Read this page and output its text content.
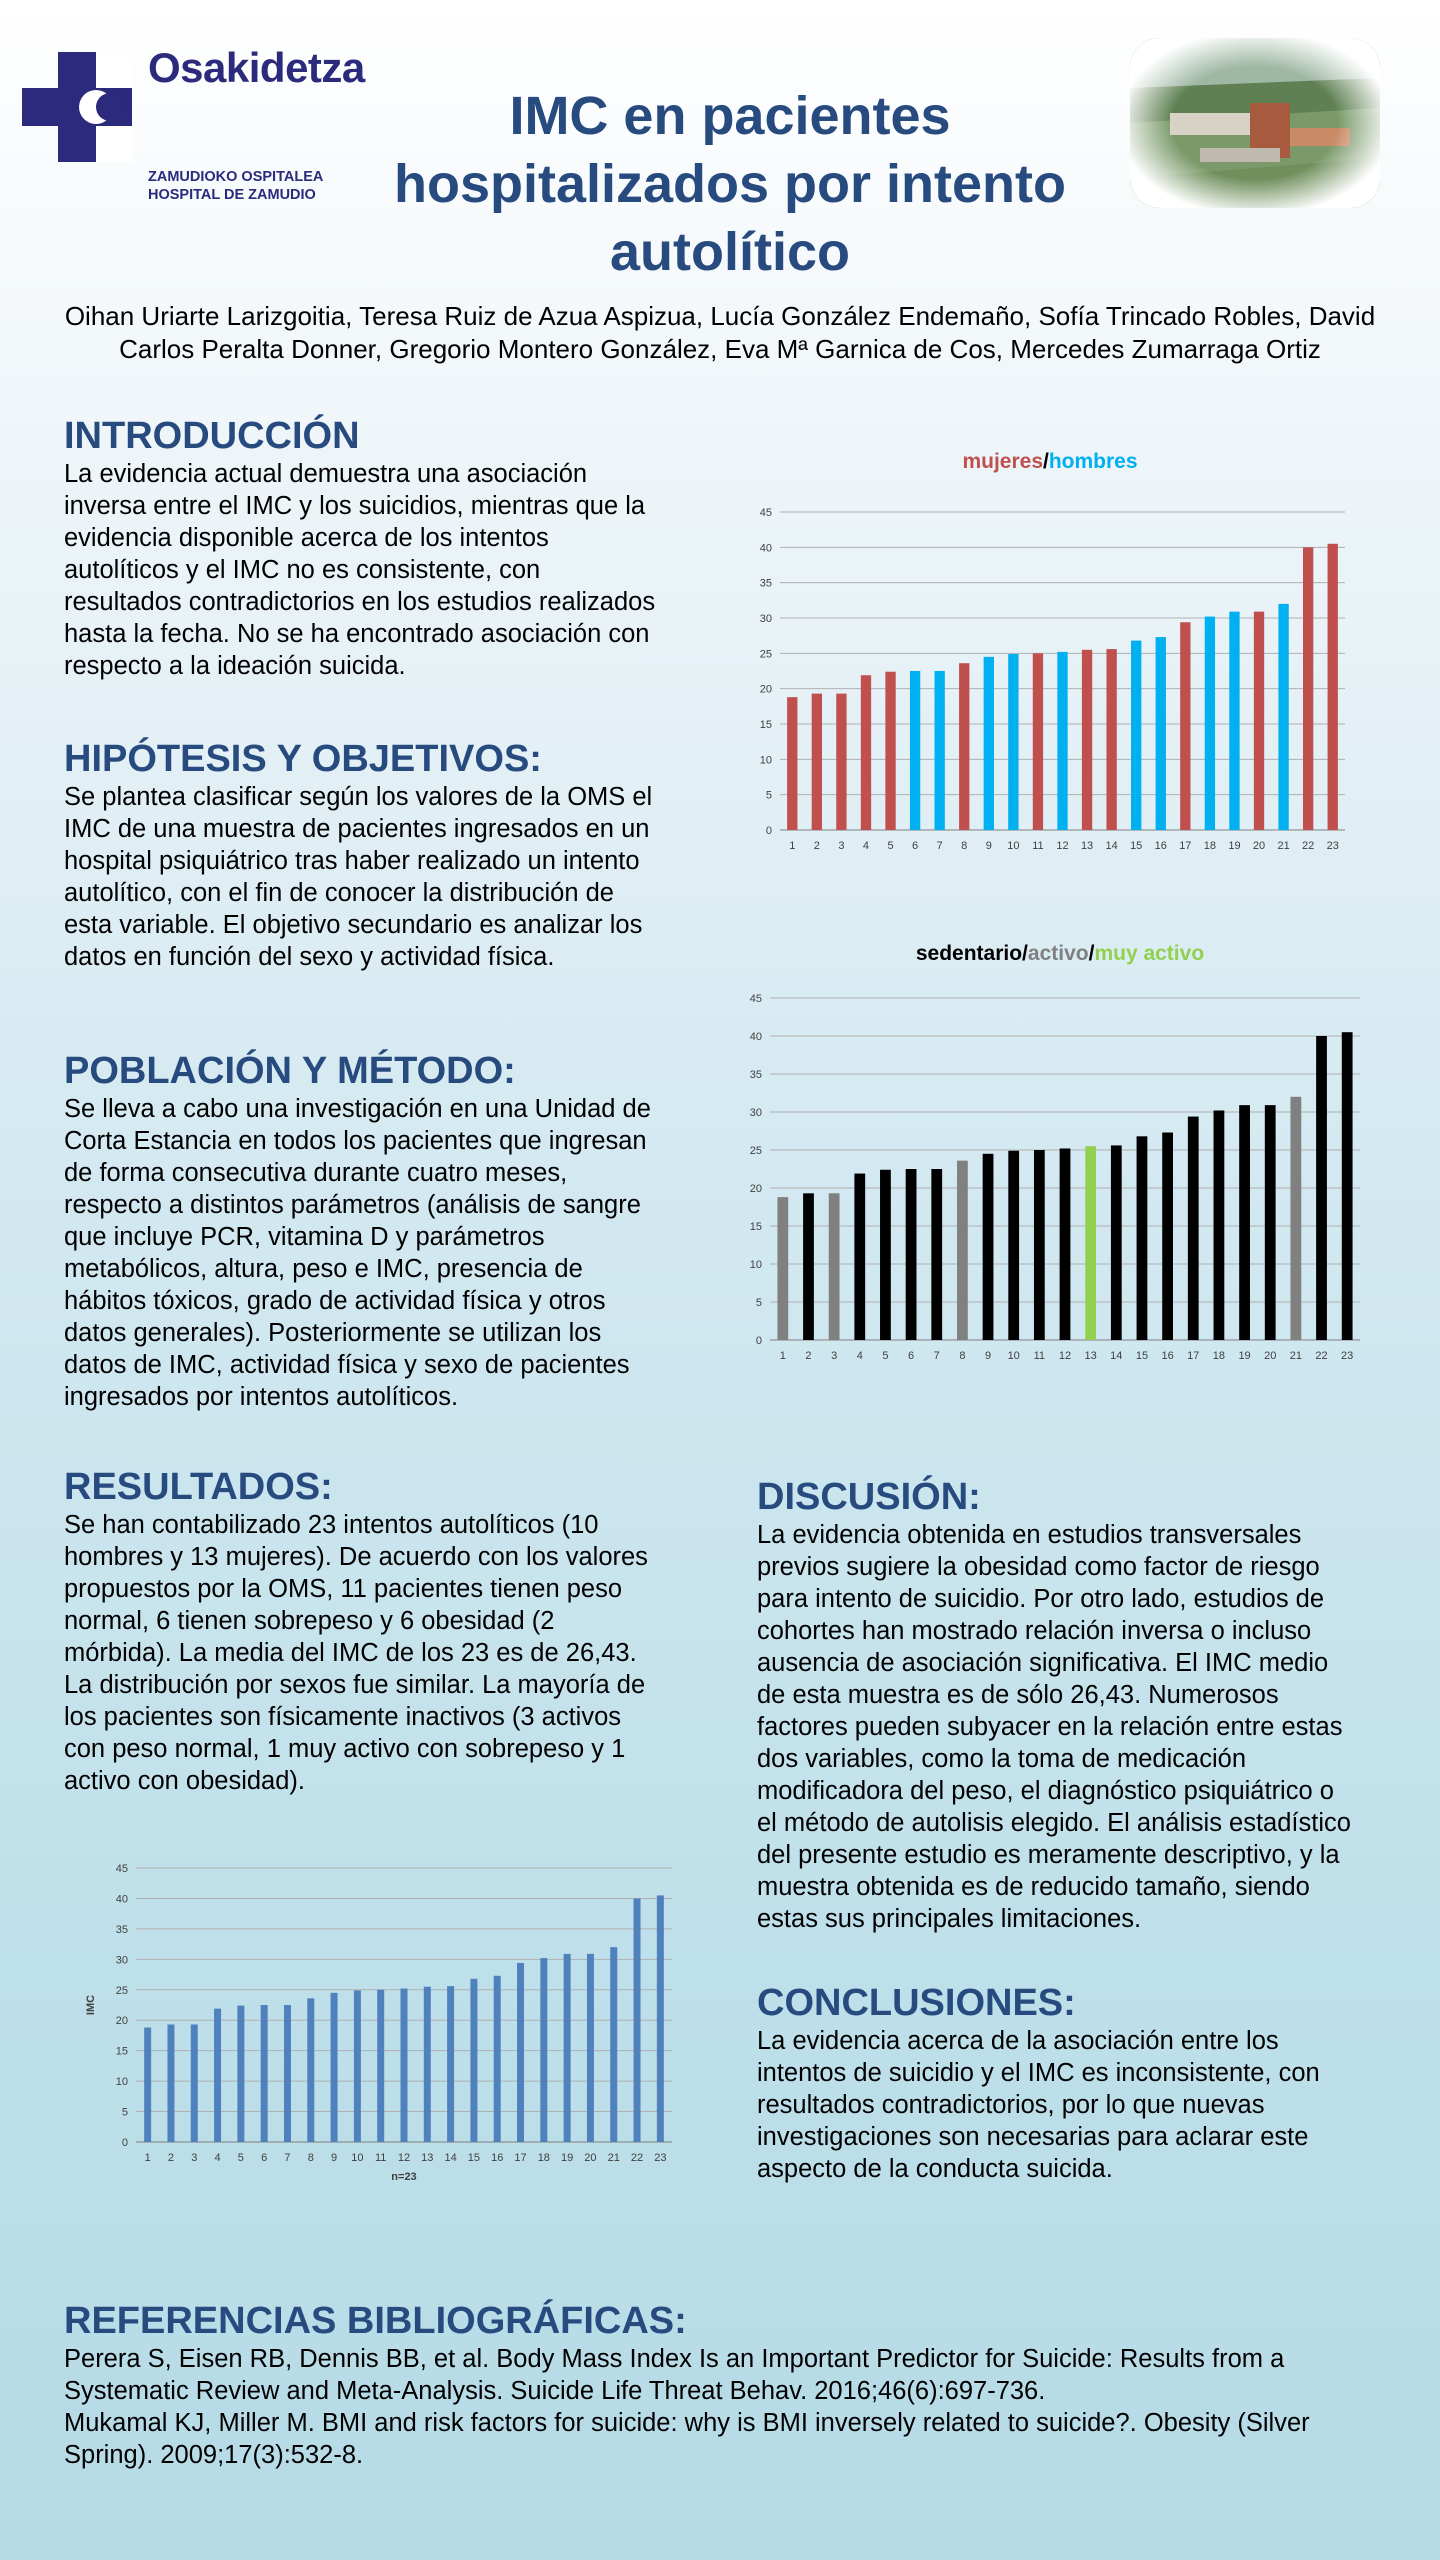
Osakidetza
ZAMUDIOKO OSPITALEA
HOSPITAL DE ZAMUDIO
IMC en pacientes hospitalizados por intento autolítico
Oihan Uriarte Larizgoitia, Teresa Ruiz de Azua Aspizua, Lucía González Endemaño, Sofía Trincado Robles, David Carlos Peralta Donner, Gregorio Montero González, Eva Mª Garnica de Cos, Mercedes Zumarraga Ortiz
INTRODUCCIÓN
La evidencia actual demuestra una asociación inversa entre el IMC y los suicidios, mientras que la evidencia disponible acerca de los intentos autolíticos y el IMC no es consistente, con resultados contradictorios en los estudios realizados hasta la fecha. No se ha encontrado asociación con respecto a la ideación suicida.
HIPÓTESIS Y OBJETIVOS:
Se plantea clasificar según los valores de la OMS el IMC de una muestra de pacientes ingresados en un hospital psiquiátrico tras haber realizado un intento autolítico, con el fin de conocer la distribución de esta variable. El objetivo secundario es analizar los datos en función del sexo y actividad física.
POBLACIÓN Y MÉTODO:
Se lleva a cabo una investigación en una Unidad de Corta Estancia en todos los pacientes que ingresan de forma consecutiva durante cuatro meses, respecto a distintos parámetros (análisis de sangre que incluye PCR, vitamina D y parámetros metabólicos, altura, peso e IMC, presencia de hábitos tóxicos, grado de actividad física y otros datos generales). Posteriormente se utilizan los datos de IMC, actividad física y sexo de pacientes ingresados por intentos autolíticos.
RESULTADOS:
Se han contabilizado 23 intentos autolíticos (10 hombres y 13 mujeres). De acuerdo con los valores propuestos por la OMS, 11 pacientes tienen peso normal, 6 tienen sobrepeso y 6 obesidad (2 mórbida). La media del IMC de los 23 es de 26,43. La distribución por sexos fue similar. La mayoría de los pacientes son físicamente inactivos (3 activos con peso normal, 1 muy activo con sobrepeso y 1 activo con obesidad).
mujeres/hombres
0
5
10
15
20
25
30
35
40
45
1 2 3 4 5 6 7 8 9 10 11 12 13 14 15 16 17 18 19 20 21 22 23
sedentario/activo/muy activo
0
5
10
15
20
25
30
35
40
45
1 2 3 4 5 6 7 8 9 10 11 12 13 14 15 16 17 18 19 20 21 22 23
0
5
10
15
20
25
30
35
40
45
1 2 3 4 5 6 7 8 9 10 11 12 13 14 15 16 17 18 19 20 21 22 23
n=23
IMC
DISCUSIÓN:
La evidencia obtenida en estudios transversales previos sugiere la obesidad como factor de riesgo para intento de suicidio. Por otro lado, estudios de cohortes han mostrado relación inversa o incluso ausencia de asociación significativa. El IMC medio de esta muestra es de sólo 26,43. Numerosos factores pueden subyacer en la relación entre estas dos variables, como la toma de medicación modificadora del peso, el diagnóstico psiquiátrico o el método de autolisis elegido. El análisis estadístico del presente estudio es meramente descriptivo, y la muestra obtenida es de reducido tamaño, siendo estas sus principales limitaciones.
CONCLUSIONES:
La evidencia acerca de la asociación entre los intentos de suicidio y el IMC es inconsistente, con resultados contradictorios, por lo que nuevas investigaciones son necesarias para aclarar este aspecto de la conducta suicida.
REFERENCIAS BIBLIOGRÁFICAS:
Perera S, Eisen RB, Dennis BB, et al. Body Mass Index Is an Important Predictor for Suicide: Results from a Systematic Review and Meta-Analysis. Suicide Life Threat Behav. 2016;46(6):697-736.
Mukamal KJ, Miller M. BMI and risk factors for suicide: why is BMI inversely related to suicide?. Obesity (Silver Spring). 2009;17(3):532-8.
